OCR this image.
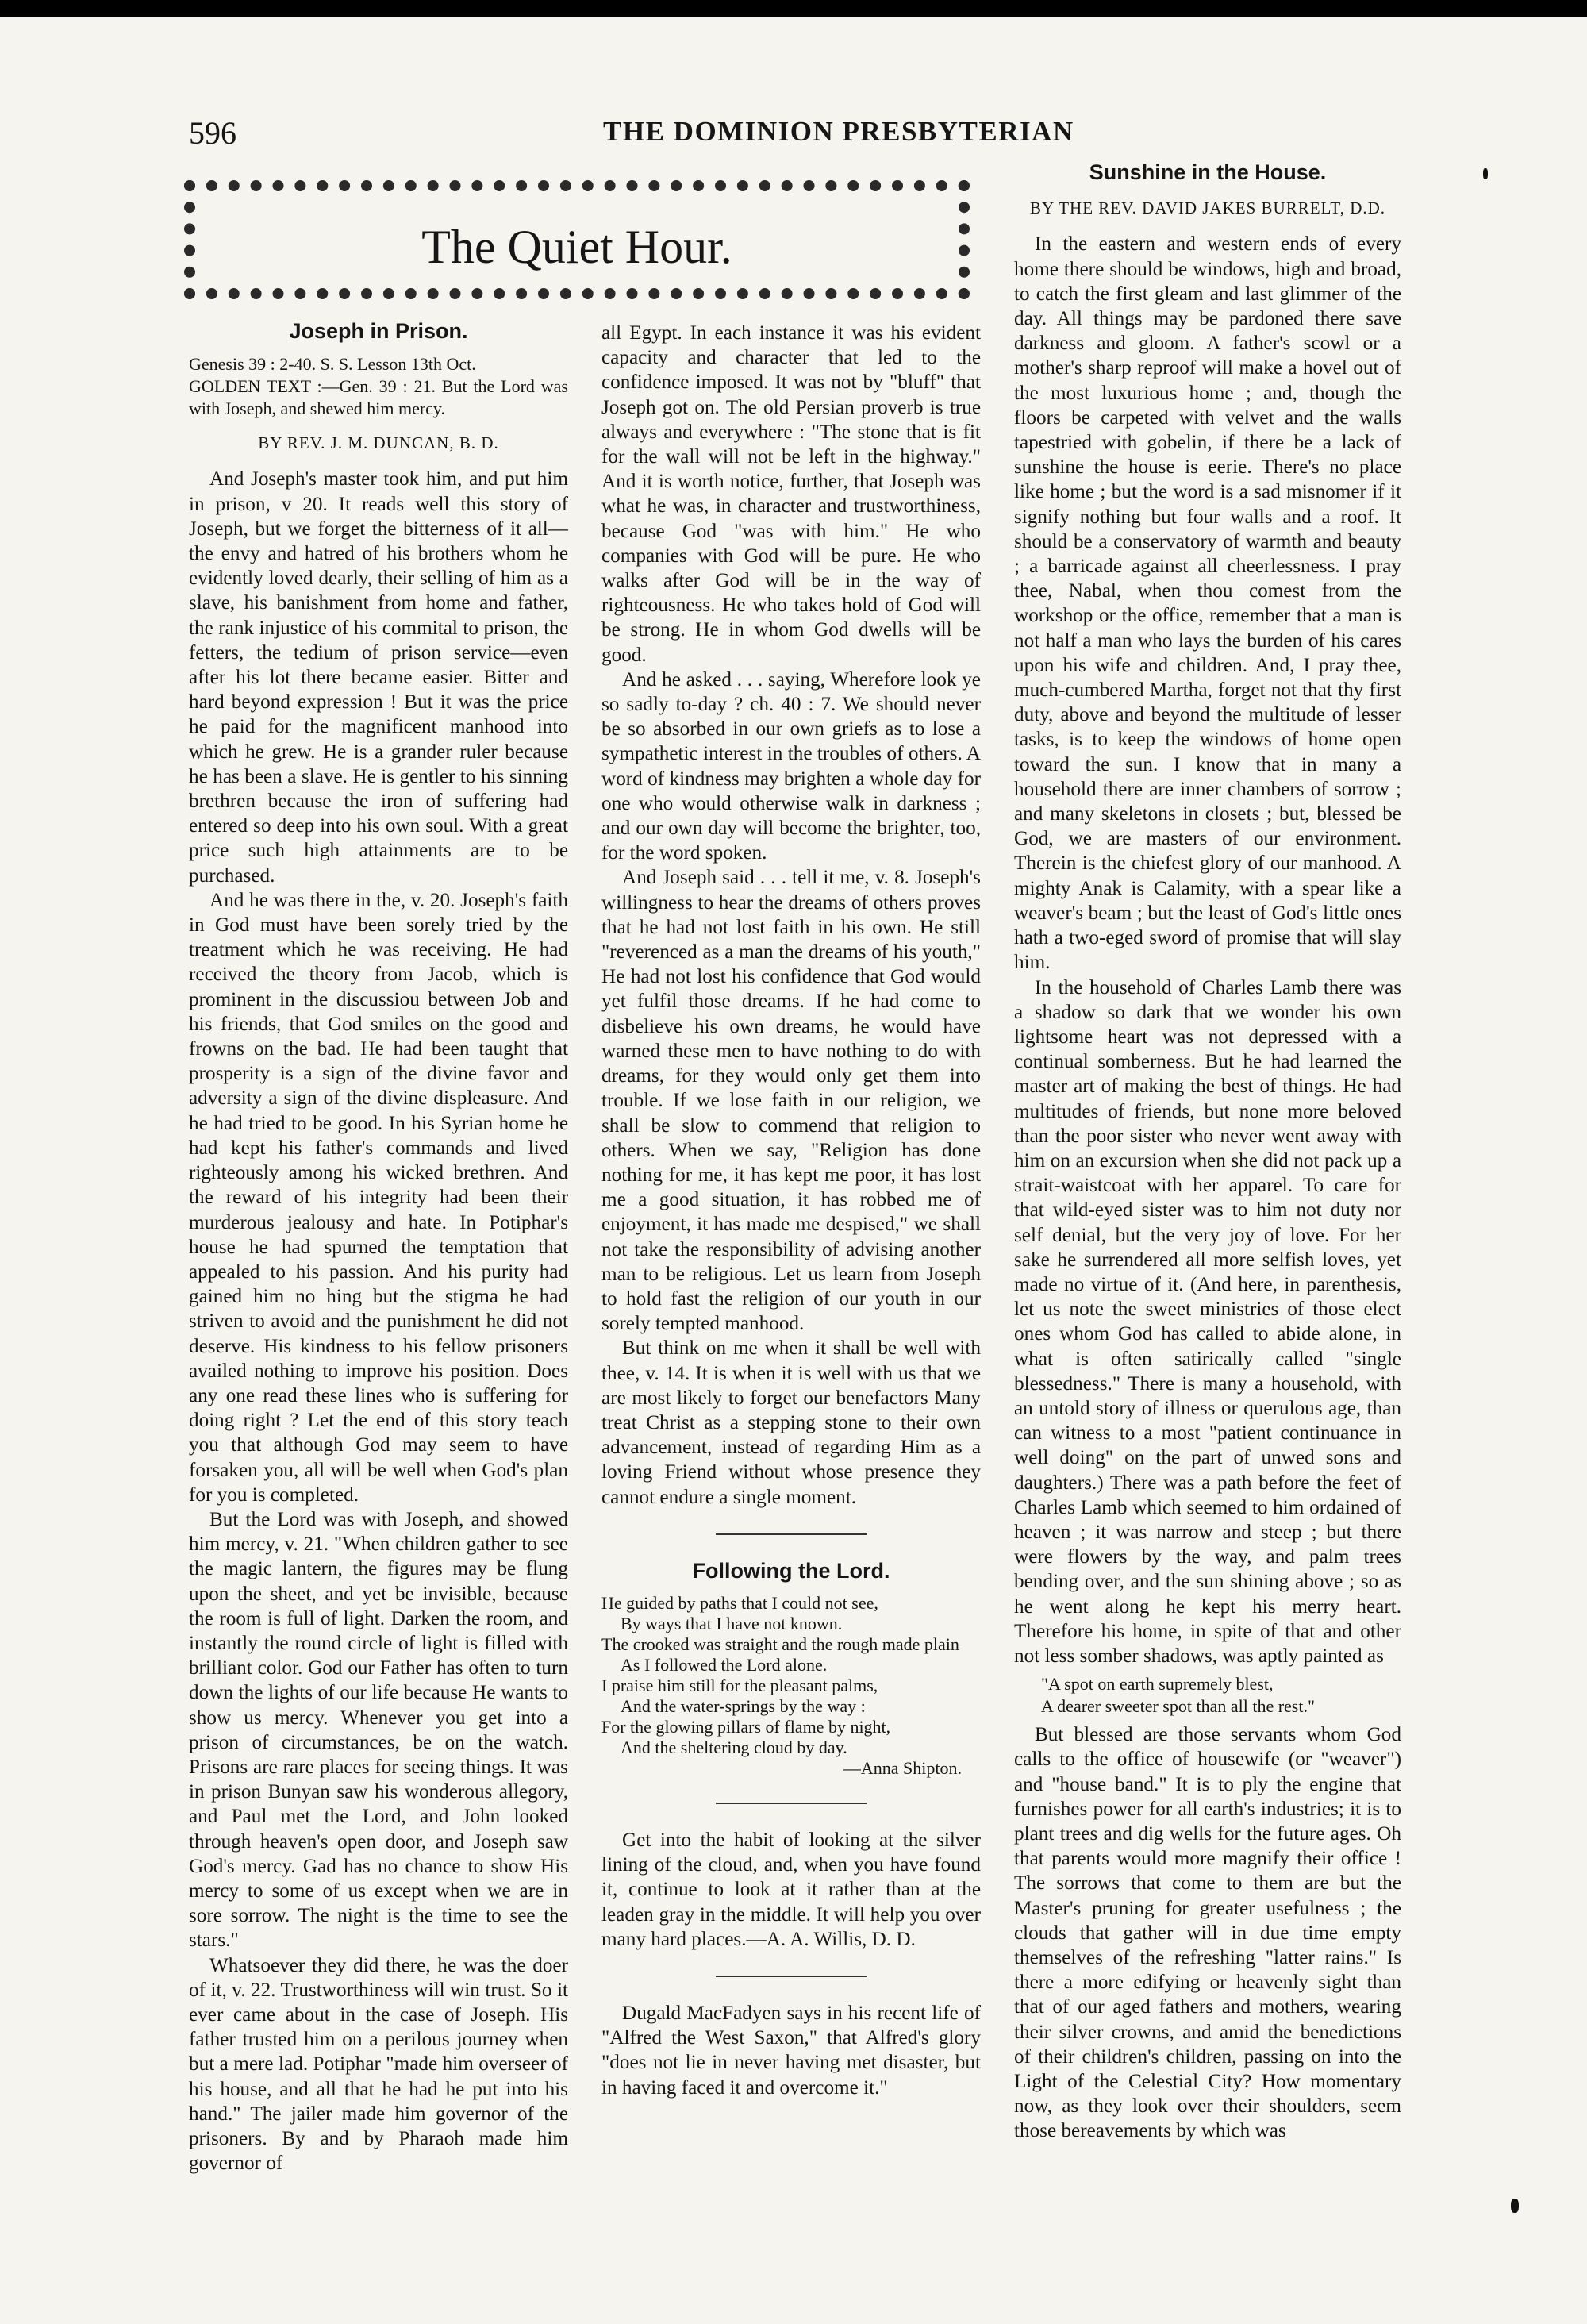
596	THE DOMINION PRESBYTERIAN
The Quiet Hour.
Joseph in Prison.
Genesis 39 : 2-40. S. S. Lesson 13th Oct.
GOLDEN TEXT :—Gen. 39 : 21. But the Lord was with Joseph, and shewed him mercy.
BY REV. J. M. DUNCAN, B. D.

And Joseph's master took him, and put him in prison, v 20. It reads well this story of Joseph, but we forget the bitterness of it all—the envy and hatred of his brothers whom he evidently loved dearly, their selling of him as a slave, his banishment from home and father, the rank injustice of his commital to prison, the fetters, the tedium of prison service—even after his lot there became easier. Bitter and hard beyond expression ! But it was the price he paid for the magnificent manhood into which he grew. He is a grander ruler because he has been a slave. He is gentler to his sinning brethren because the iron of suffering had entered so deep into his own soul. With a great price such high attainments are to be purchased.

And he was there in the, v. 20. Joseph's faith in God must have been sorely tried by the treatment which he was receiving. He had received the theory from Jacob, which is prominent in the discussiou between Job and his friends, that God smiles on the good and frowns on the bad. He had been taught that prosperity is a sign of the divine favor and adversity a sign of the divine displeasure. And he had tried to be good. In his Syrian home he had kept his father's commands and lived righteously among his wicked brethren. And the reward of his integrity had been their murderous jealousy and hate. In Potiphar's house he had spurned the temptation that appealed to his passion. And his purity had gained him no hing but the stigma he had striven to avoid and the punishment he did not deserve. His kindness to his fellow prisoners availed nothing to improve his position. Does any one read these lines who is suffering for doing right ? Let the end of this story teach you that although God may seem to have forsaken you, all will be well when God's plan for you is completed.

But the Lord was with Joseph, and showed him mercy, v. 21. "When children gather to see the magic lantern, the figures may be flung upon the sheet, and yet be invisible, because the room is full of light. Darken the room, and instantly the round circle of light is filled with brilliant color. God our Father has often to turn down the lights of our life because He wants to show us mercy. Whenever you get into a prison of circumstances, be on the watch. Prisons are rare places for seeing things. It was in prison Bunyan saw his wonderous allegory, and Paul met the Lord, and John looked through heaven's open door, and Joseph saw God's mercy. Gad has no chance to show His mercy to some of us except when we are in sore sorrow. The night is the time to see the stars."

Whatsoever they did there, he was the doer of it, v. 22. Trustworthiness will win trust. So it ever came about in the case of Joseph. His father trusted him on a perilous journey when but a mere lad. Potiphar "made him overseer of his house, and all that he had he put into his hand." The jailer made him governor of the prisoners. By and by Pharaoh made him governor of

all Egypt. In each instance it was his evident capacity and character that led to the confidence imposed. It was not by "bluff" that Joseph got on. The old Persian proverb is true always and everywhere : "The stone that is fit for the wall will not be left in the highway." And it is worth notice, further, that Joseph was what he was, in character and trustworthiness, because God "was with him." He who companies with God will be pure. He who walks after God will be in the way of righteousness. He who takes hold of God will be strong. He in whom God dwells will be good.

And he asked . . . saying, Wherefore look ye so sadly to-day ? ch. 40 : 7. We should never be so absorbed in our own griefs as to lose a sympathetic interest in the troubles of others. A word of kindness may brighten a whole day for one who would otherwise walk in darkness ; and our own day will become the brighter, too, for the word spoken.

And Joseph said . . . tell it me, v. 8. Joseph's willingness to hear the dreams of others proves that he had not lost faith in his own. He still "reverenced as a man the dreams of his youth," He had not lost his confidence that God would yet fulfil those dreams. If he had come to disbelieve his own dreams, he would have warned these men to have nothing to do with dreams, for they would only get them into trouble. If we lose faith in our religion, we shall be slow to commend that religion to others. When we say, "Religion has done nothing for me, it has kept me poor, it has lost me a good situation, it has robbed me of enjoyment, it has made me despised," we shall not take the responsibility of advising another man to be religious. Let us learn from Joseph to hold fast the religion of our youth in our sorely tempted manhood.

But think on me when it shall be well with thee, v. 14. It is when it is well with us that we are most likely to forget our benefactors Many treat Christ as a stepping stone to their own advancement, instead of regarding Him as a loving Friend without whose presence they cannot endure a single moment.

Following the Lord.
He guided by paths that I could not see,
By ways that I have not known.
The crooked was straight and the rough made plain
As I followed the Lord alone.
I praise him still for the pleasant palms,
And the water-springs by the way :
For the glowing pillars of flame by night,
And the sheltering cloud by day.
—Anna Shipton.

Get into the habit of looking at the silver lining of the cloud, and, when you have found it, continue to look at it rather than at the leaden gray in the middle. It will help you over many hard places.—A. A. Willis, D. D.

Dugald MacFadyen says in his recent life of "Alfred the West Saxon," that Alfred's glory "does not lie in never having met disaster, but in having faced it and overcome it."

Sunshine in the House.
BY THE REV. DAVID JAKES BURRELT, D.D.

In the eastern and western ends of every home there should be windows, high and broad, to catch the first gleam and last glimmer of the day. All things may be pardoned there save darkness and gloom. A father's scowl or a mother's sharp reproof will make a hovel out of the most luxurious home ; and, though the floors be carpeted with velvet and the walls tapestried with gobelin, if there be a lack of sunshine the house is eerie. There's no place like home ; but the word is a sad misnomer if it signify nothing but four walls and a roof. It should be a conservatory of warmth and beauty ; a barricade against all cheerlessness. I pray thee, Nabal, when thou comest from the workshop or the office, remember that a man is not half a man who lays the burden of his cares upon his wife and children. And, I pray thee, much-cumbered Martha, forget not that thy first duty, above and beyond the multitude of lesser tasks, is to keep the windows of home open toward the sun. I know that in many a household there are inner chambers of sorrow ; and many skeletons in closets ; but, blessed be God, we are masters of our environment. Therein is the chiefest glory of our manhood. A mighty Anak is Calamity, with a spear like a weaver's beam ; but the least of God's little ones hath a two-eged sword of promise that will slay him.

In the household of Charles Lamb there was a shadow so dark that we wonder his own lightsome heart was not depressed with a continual somberness. But he had learned the master art of making the best of things. He had multitudes of friends, but none more beloved than the poor sister who never went away with him on an excursion when she did not pack up a strait-waistcoat with her apparel. To care for that wild-eyed sister was to him not duty nor self denial, but the very joy of love. For her sake he surrendered all more selfish loves, yet made no virtue of it. (And here, in parenthesis, let us note the sweet ministries of those elect ones whom God has called to abide alone, in what is often satirically called "single blessedness." There is many a household, with an untold story of illness or querulous age, than can witness to a most "patient continuance in well doing" on the part of unwed sons and daughters.) There was a path before the feet of Charles Lamb which seemed to him ordained of heaven ; it was narrow and steep ; but there were flowers by the way, and palm trees bending over, and the sun shining above ; so as he went along he kept his merry heart. Therefore his home, in spite of that and other not less somber shadows, was aptly painted as

"A spot on earth supremely blest,
A dearer sweeter spot than all the rest."

But blessed are those servants whom God calls to the office of housewife (or "weaver") and "house band." It is to ply the engine that furnishes power for all earth's industries; it is to plant trees and dig wells for the future ages. Oh that parents would more magnify their office ! The sorrows that come to them are but the Master's pruning for greater usefulness ; the clouds that gather will in due time empty themselves of the refreshing "latter rains." Is there a more edifying or heavenly sight than that of our aged fathers and mothers, wearing their silver crowns, and amid the benedictions of their children's children, passing on into the Light of the Celestial City? How momentary now, as they look over their shoulders, seem those bereavements by which was
